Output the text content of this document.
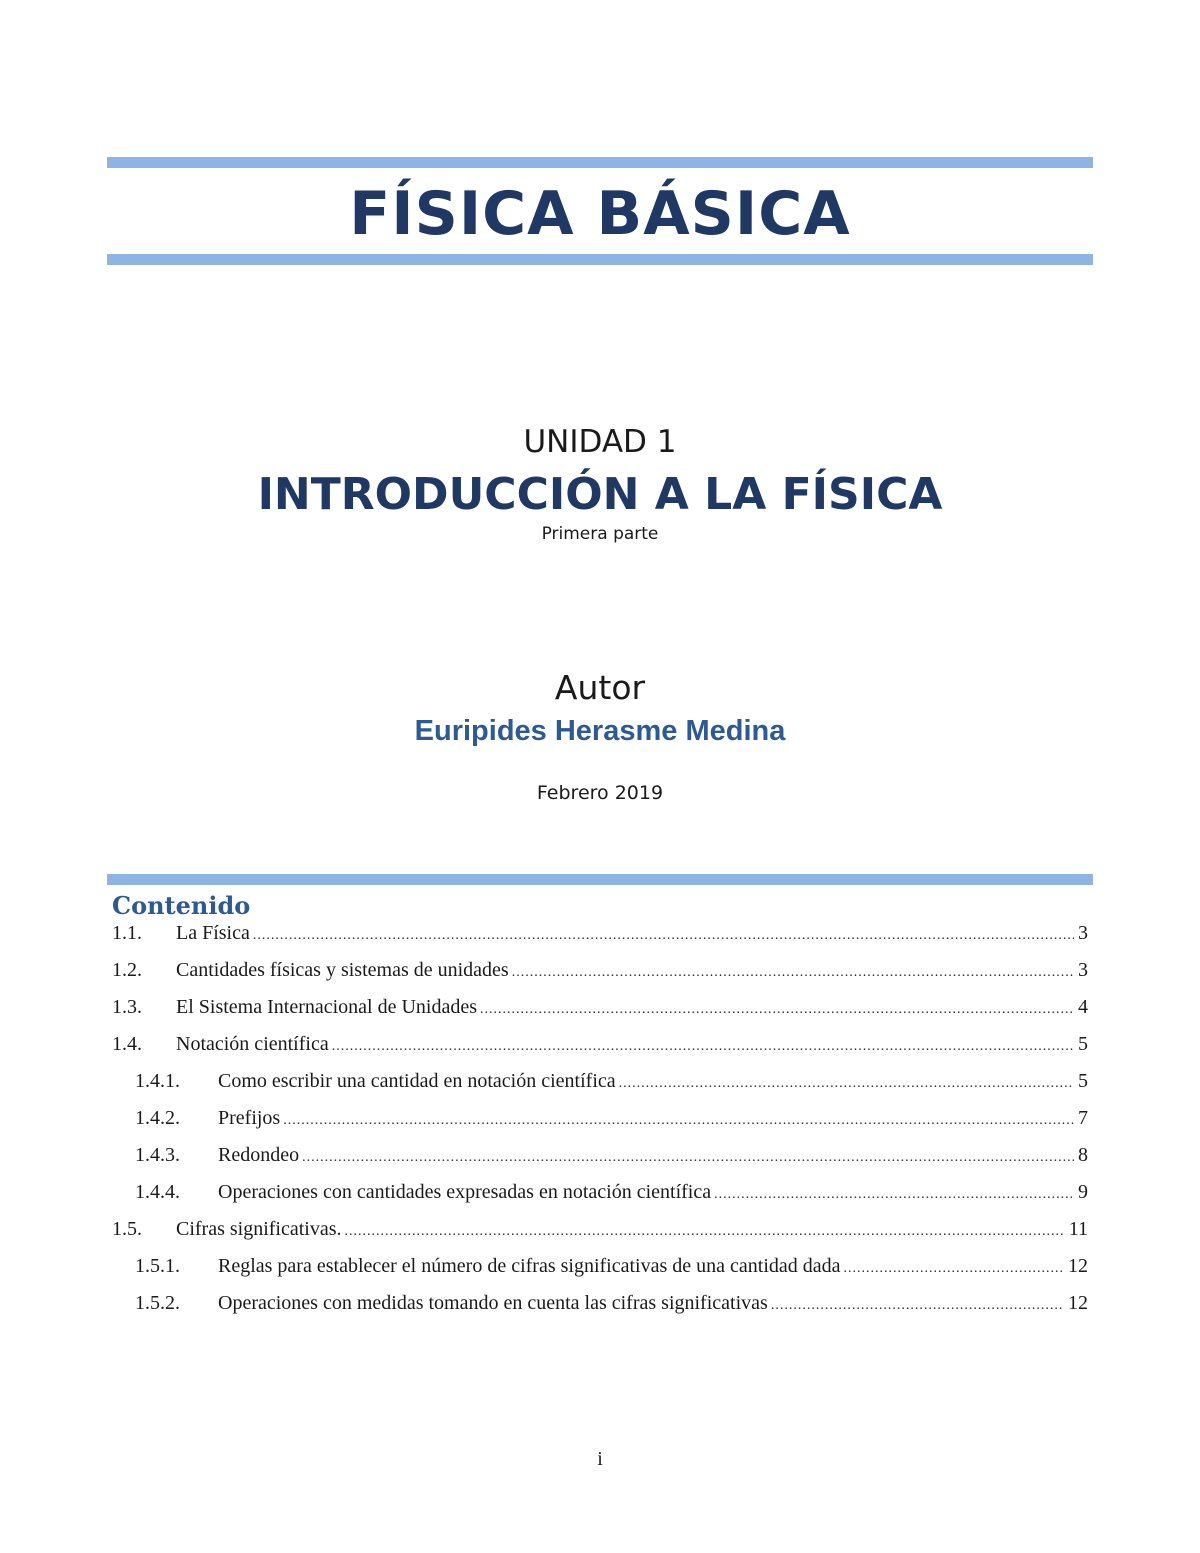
FÍSICA BÁSICA
UNIDAD 1
INTRODUCCIÓN A LA FÍSICA
Primera parte
Autor
Euripides Herasme Medina
Febrero 2019
Contenido
1.1.	La Física .....	3
1.2.	Cantidades físicas y sistemas de unidades .....	3
1.3.	El Sistema Internacional de Unidades .....	4
1.4.	Notación científica .....	5
1.4.1.	Como escribir una cantidad en notación científica .....	5
1.4.2.	Prefijos .....	7
1.4.3.	Redondeo .....	8
1.4.4.	Operaciones con cantidades expresadas en notación científica .....	9
1.5.	Cifras significativas. .....	11
1.5.1.	Reglas para establecer el número de cifras significativas de una cantidad dada .....	12
1.5.2.	Operaciones con medidas tomando en cuenta las cifras significativas .....	12
i
